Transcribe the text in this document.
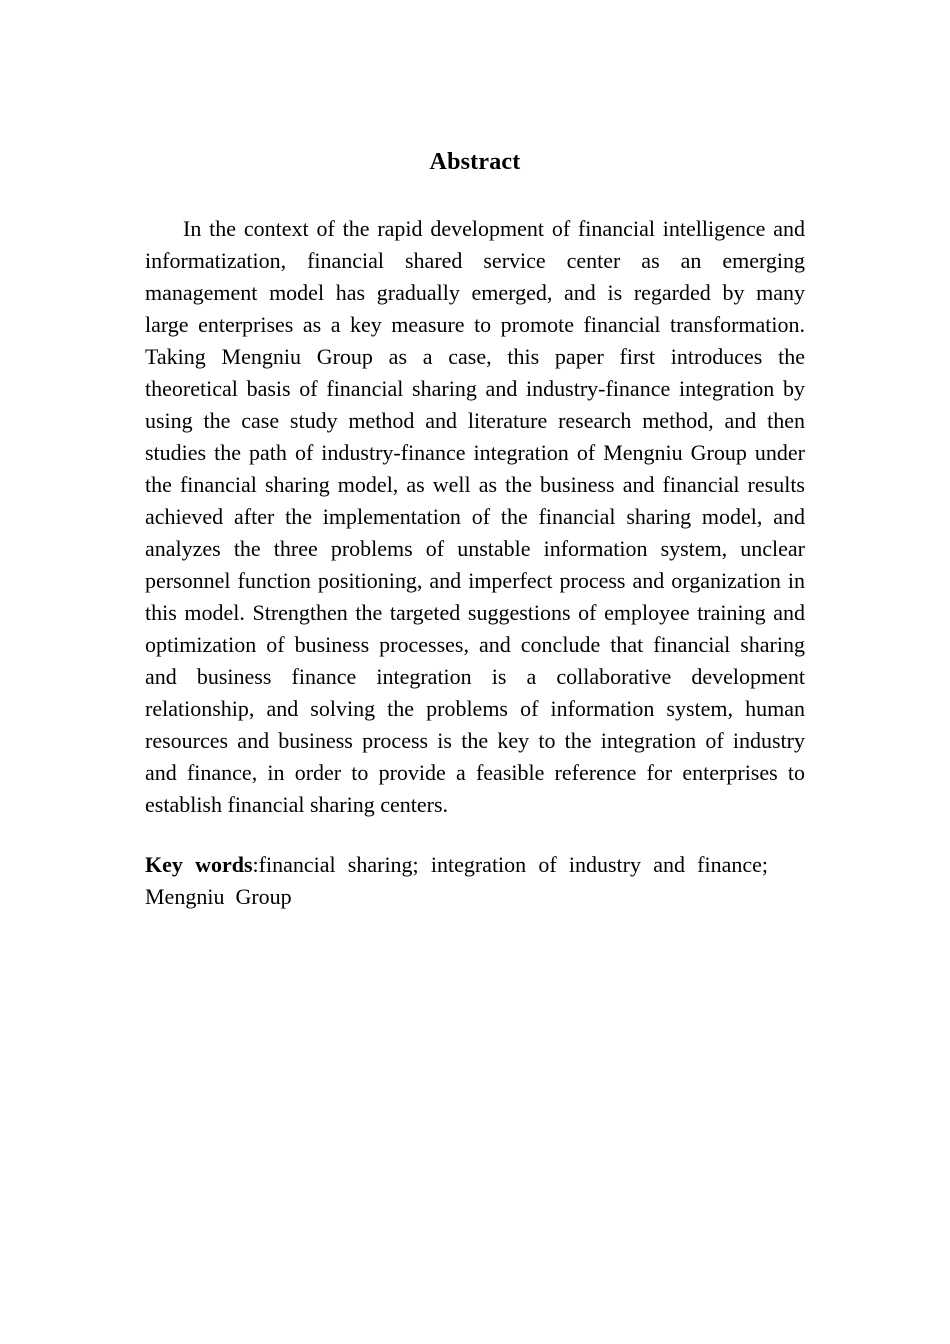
Abstract
In the context of the rapid development of financial intelligence and
informatization, financial shared service center as an emerging
management model has gradually emerged, and is regarded by many
large enterprises as a key measure to promote financial transformation.
Taking Mengniu Group as a case, this paper first introduces the
theoretical basis of financial sharing and industry-finance integration by
using the case study method and literature research method, and then
studies the path of industry-finance integration of Mengniu Group under
the financial sharing model, as well as the business and financial results
achieved after the implementation of the financial sharing model, and
analyzes the three problems of unstable information system, unclear
personnel function positioning, and imperfect process and organization in
this model. Strengthen the targeted suggestions of employee training and
optimization of business processes, and conclude that financial sharing
and business finance integration is a collaborative development
relationship, and solving the problems of information system, human
resources and business process is the key to the integration of industry
and finance, in order to provide a feasible reference for enterprises to
establish financial sharing centers.
Key words:financial sharing; integration of industry and finance;
Mengniu  Group
